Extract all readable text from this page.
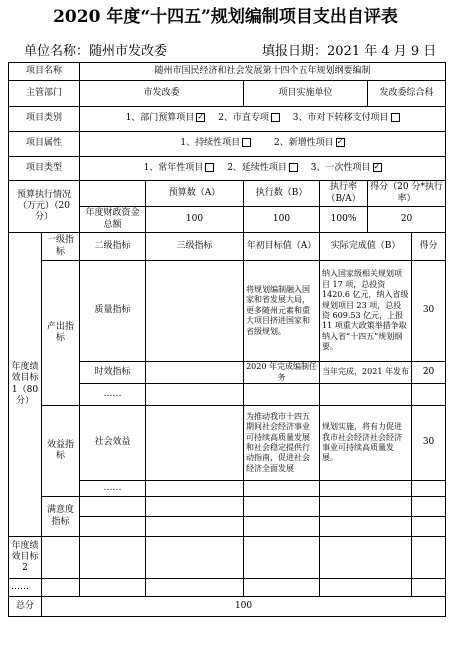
2020 年度“十四五”规划编制项目支出自评表
单位名称：随州市发改委	填报日期：2021 年 4 月 9 日
项目名称		随州市国民经济和社会发展第十四个五年规划纲要编制					
主管部门		市发改委		项目实施单位		发改委综合科	
项目类别		1、部门预算项目 ✓ 2、市直专项 3、市对下转移支付项目
项目属性		1、持续性项目 2、新增性项目✓
项目类型		1、常年性项目 2、延续性项目 3、一次性项目✓
预算执行情况（万元）（20 分）			预算数（A）	执行数（B）	执行率（B/A）	得分（20 分*执行率）	
		年度财政资金总额	100	100	100%	20	
年度绩效目标 1（80 分）	一级指标	二级指标	三级指标	年初目标值（A）	实际完成值（B）		得分
	产出指标	质量指标		将规划编制融入国家和省发展大局，更多随州元素和重大项目挤进国家和省级规划。	纳入国家级相关规划项目 17 项，总投资 1420.6 亿元，纳入省级规划项目 23 项，总投资 609.53 亿元，上报 11 项重大政策举措争取纳入省“十四五”规划纲要。		30
		时效指标		2020 年完成编制任务	当年完成，2021 年发布		20
		……					
	效益指标	社会效益		为推动我市十四五期间社会经济事业可持续高质量发展和社会稳定提供行动指南，促进社会经济全面发展	规划实施，将有力促进我市社会经济社会经济事业可持续高质量发展。		30
		……					

	满意度指标						

年度绩效目标 2							
……							
总分	100						
